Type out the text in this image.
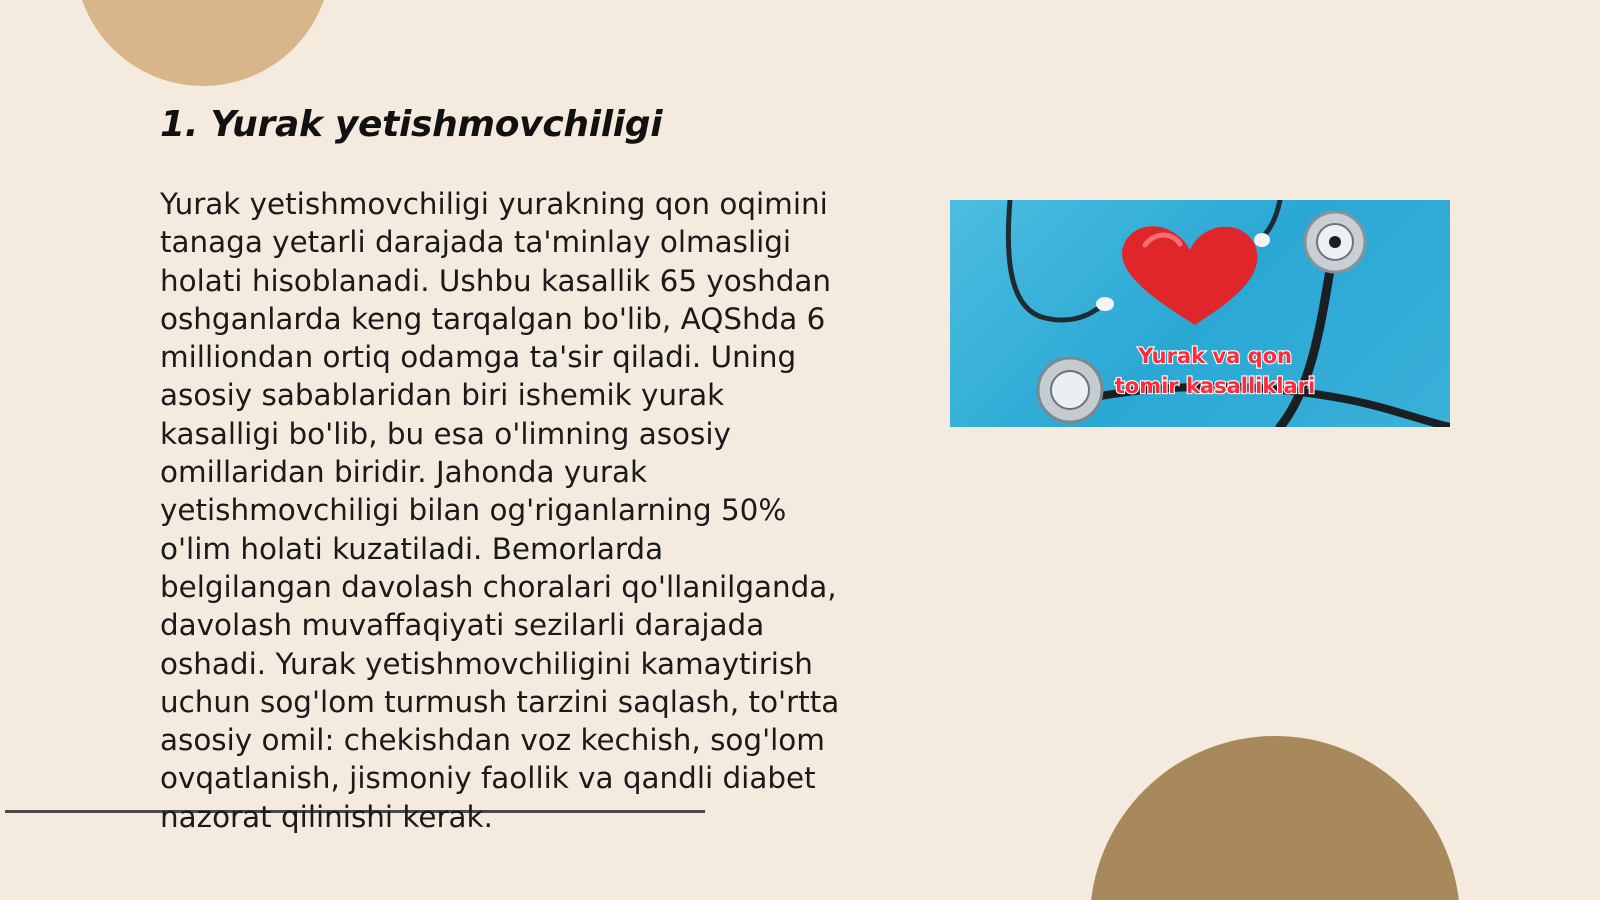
1. Yurak yetishmovchiligi

Yurak yetishmovchiligi yurakning qon oqimini tanaga yetarli darajada ta'minlay olmasligi holati hisoblanadi. Ushbu kasallik 65 yoshdan oshganlarda keng tarqalgan bo'lib, AQShda 6 milliondan ortiq odamga ta'sir qiladi. Uning asosiy sabablaridan biri ishemik yurak kasalligi bo'lib, bu esa o'limning asosiy omillaridan biridir. Jahonda yurak yetishmovchiligi bilan og'riganlarning 50% o'lim holati kuzatiladi. Bemorlarda belgilangan davolash choralari qo'llanilganda, davolash muvaffaqiyati sezilarli darajada oshadi. Yurak yetishmovchiligini kamaytirish uchun sog'lom turmush tarzini saqlash, to'rtta asosiy omil: chekishdan voz kechish, sog'lom ovqatlanish, jismoniy faollik va qandli diabet nazorat qilinishi kerak.

Yurak va qon
tomir kasalliklari
